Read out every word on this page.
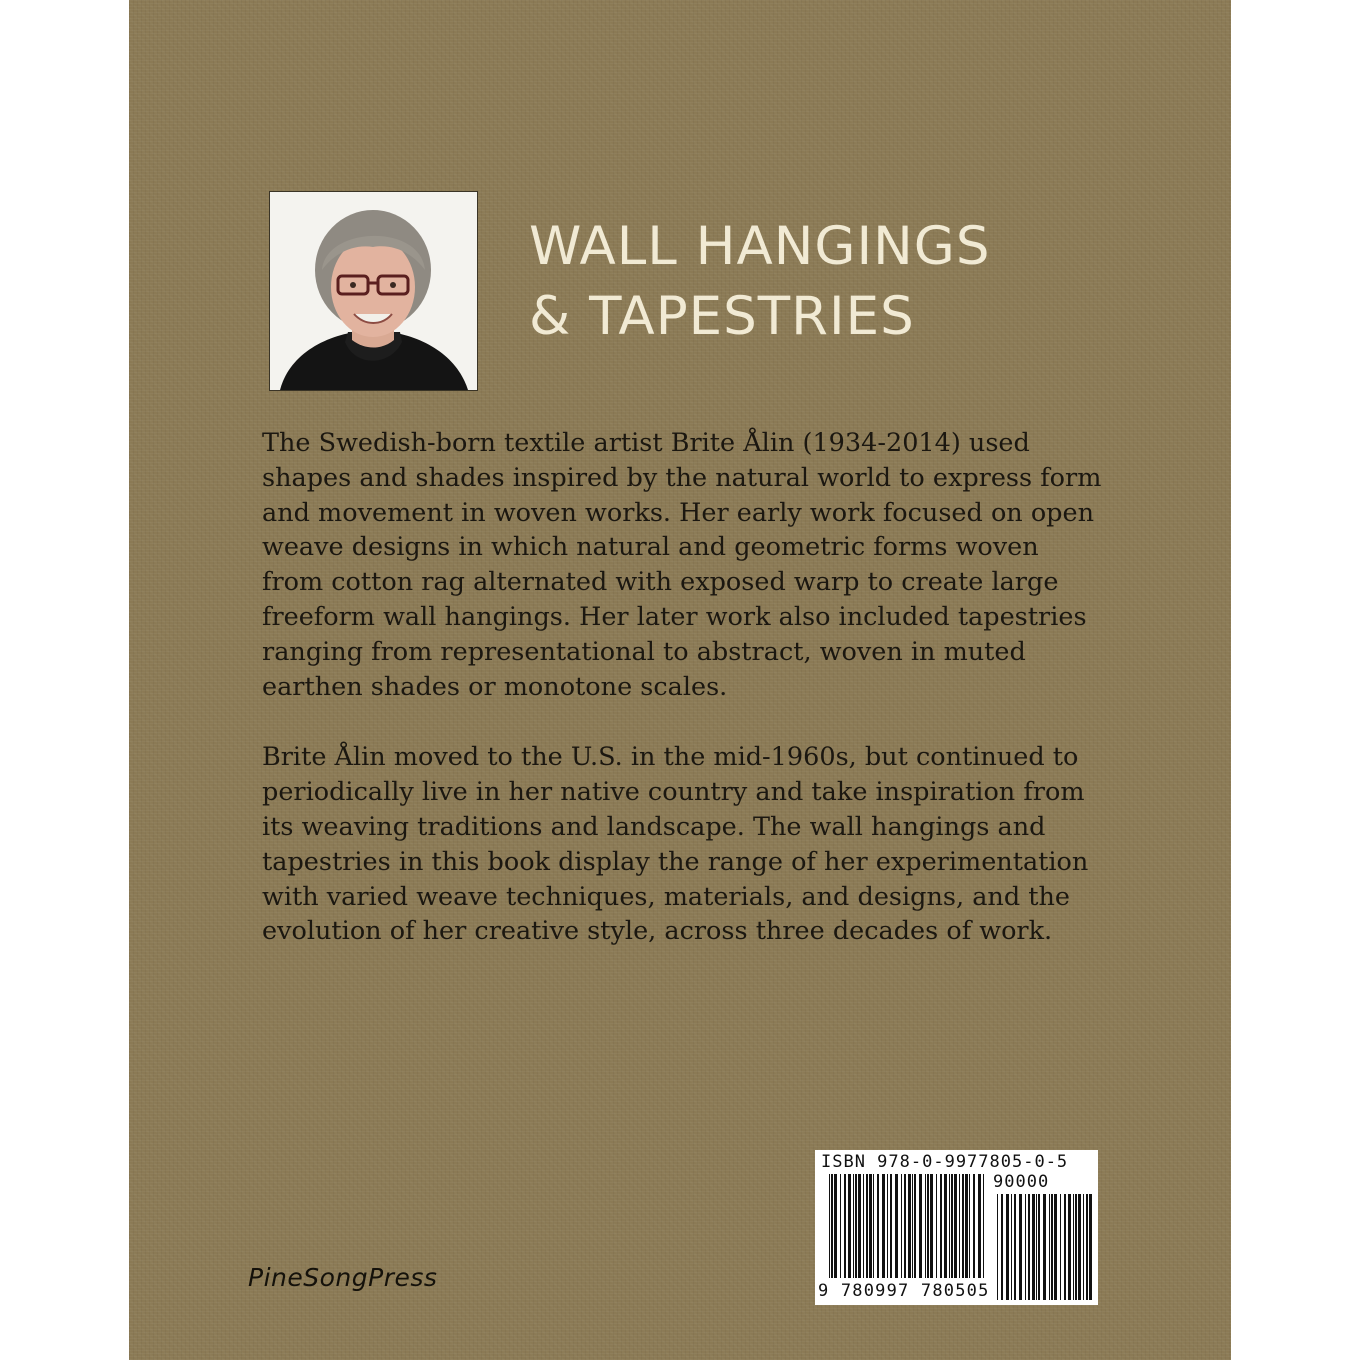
WALL HANGINGS
& TAPESTRIES

The Swedish-born textile artist Brite Ålin (1934-2014) used
shapes and shades inspired by the natural world to express form
and movement in woven works. Her early work focused on open
weave designs in which natural and geometric forms woven
from cotton rag alternated with exposed warp to create large
freeform wall hangings. Her later work also included tapestries
ranging from representational to abstract, woven in muted
earthen shades or monotone scales.

Brite Ålin moved to the U.S. in the mid-1960s, but continued to
periodically live in her native country and take inspiration from
its weaving traditions and landscape. The wall hangings and
tapestries in this book display the range of her experimentation
with varied weave techniques, materials, and designs, and the
evolution of her creative style, across three decades of work.

PineSongPress
ISBN 978-0-9977805-0-5
90000
9 780997 780505
